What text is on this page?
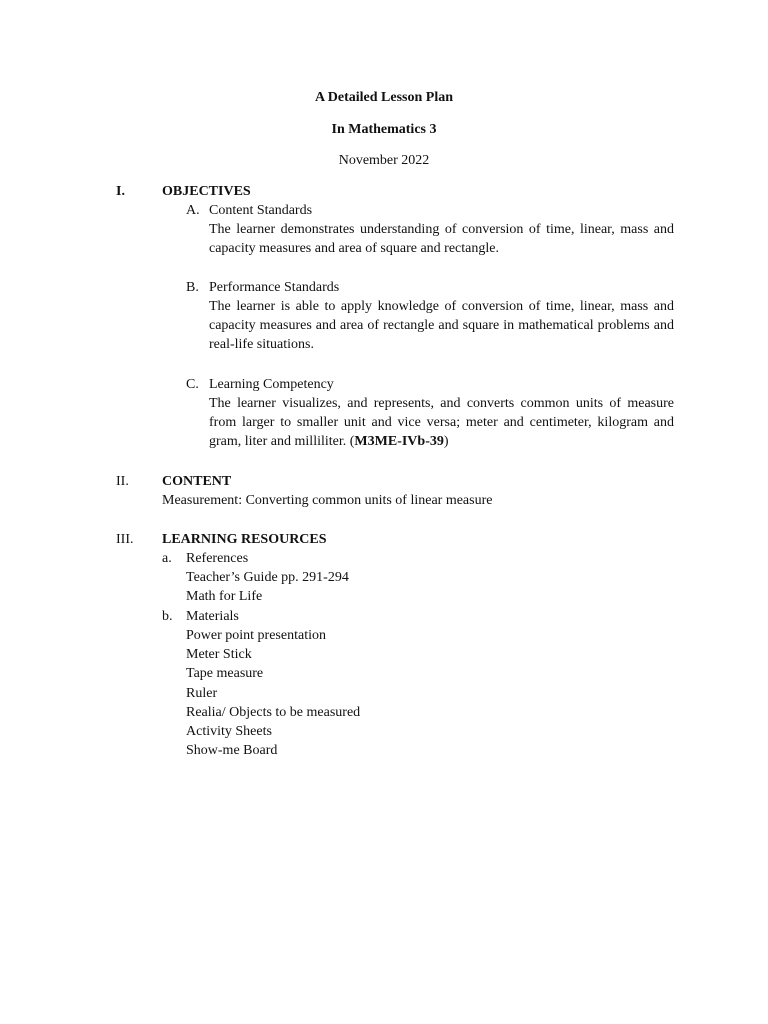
A Detailed Lesson Plan
In Mathematics 3
November 2022
I.	OBJECTIVES
A. Content Standards
The learner demonstrates understanding of conversion of time, linear, mass and capacity measures and area of square and rectangle.
B. Performance Standards
The learner is able to apply knowledge of conversion of time, linear, mass and capacity measures and area of rectangle and square in mathematical problems and real-life situations.
C. Learning Competency
The learner visualizes, and represents, and converts common units of measure from larger to smaller unit and vice versa; meter and centimeter, kilogram and gram, liter and milliliter. (M3ME-IVb-39)
II. CONTENT
Measurement: Converting common units of linear measure
III. LEARNING RESOURCES
a. References
Teacher’s Guide pp. 291-294
Math for Life
b. Materials
Power point presentation
Meter Stick
Tape measure
Ruler
Realia/ Objects to be measured
Activity Sheets
Show-me Board
